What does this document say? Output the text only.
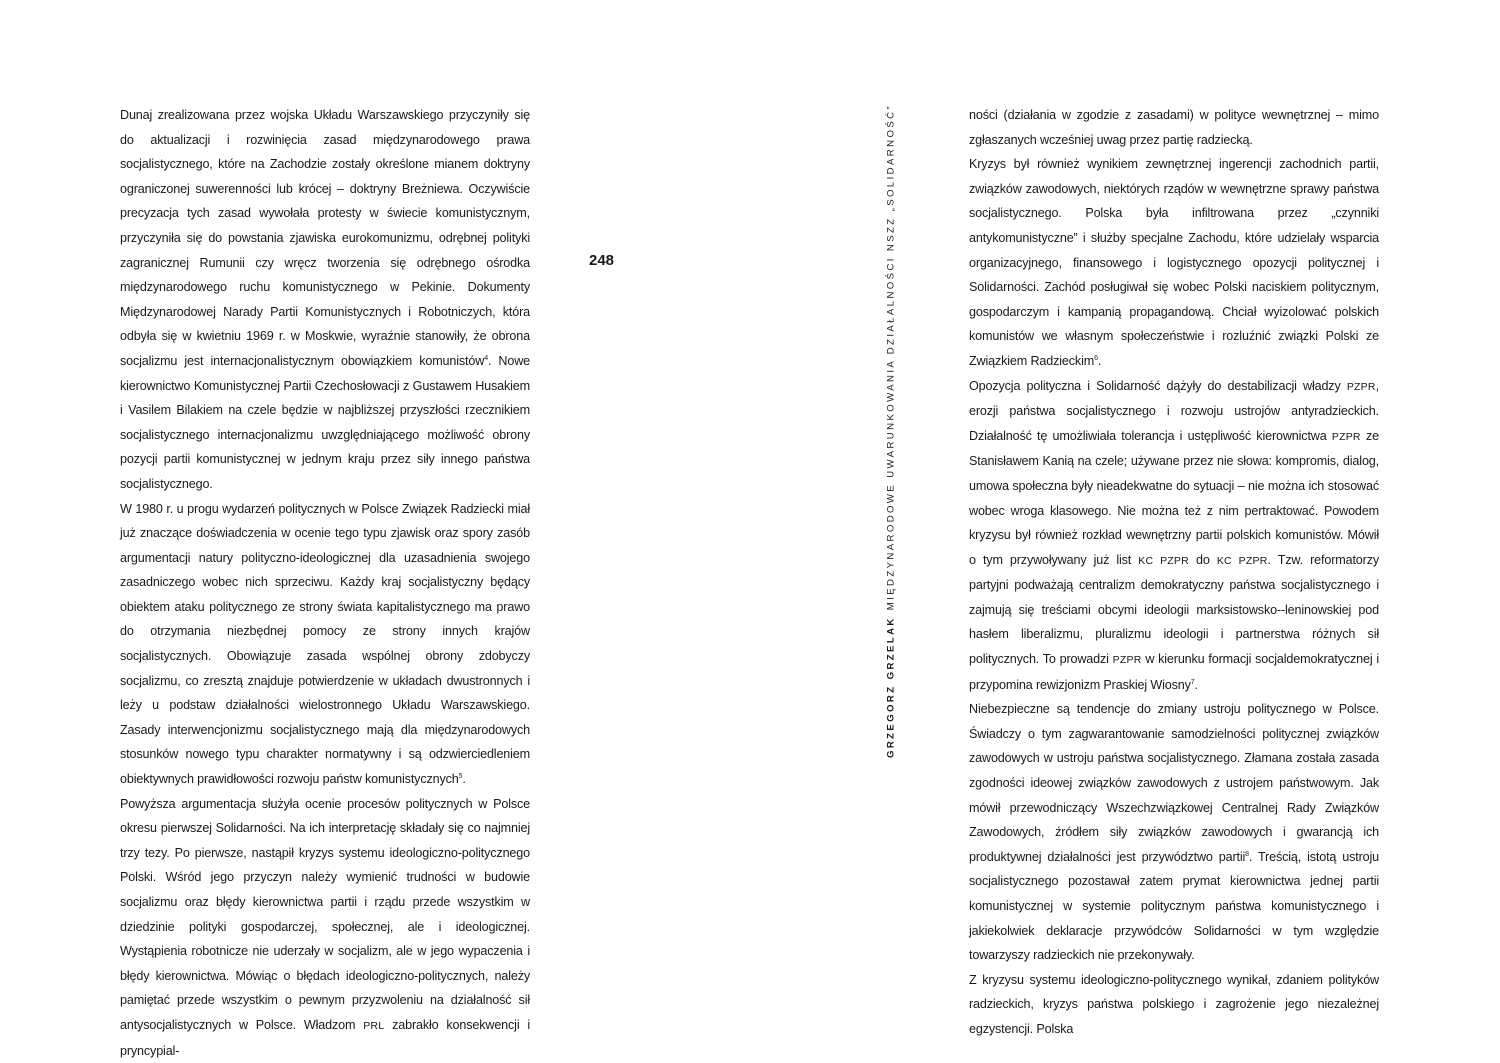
Dunaj zrealizowana przez wojska Układu Warszawskiego przyczyniły się do aktualizacji i rozwinięcia zasad międzynarodowego prawa socjalistycznego, które na Zachodzie zostały określone mianem doktryny ograniczonej suwerenności lub krócej – doktryny Breżniewa. Oczywiście precyzacja tych zasad wywołała protesty w świecie komunistycznym, przyczyniła się do powstania zjawiska eurokomunizmu, odrębnej polityki zagranicznej Rumunii czy wręcz tworzenia się odrębnego ośrodka międzynarodowego ruchu komunistycznego w Pekinie. Dokumenty Międzynarodowej Narady Partii Komunistycznych i Robotniczych, która odbyła się w kwietniu 1969 r. w Moskwie, wyraźnie stanowiły, że obrona socjalizmu jest internacjonalistycznym obowiązkiem komunistów$^4$. Nowe kierownictwo Komunistycznej Partii Czechosłowacji z Gustawem Husakiem i Vasilem Bilakiem na czele będzie w najbliższej przyszłości rzecznikiem socjalistycznego internacjonalizmu uwzględniającego możliwość obrony pozycji partii komunistycznej w jednym kraju przez siły innego państwa socjalistycznego.

W 1980 r. u progu wydarzeń politycznych w Polsce Związek Radziecki miał już znaczące doświadczenia w ocenie tego typu zjawisk oraz spory zasób argumentacji natury polityczno-ideologicznej dla uzasadnienia swojego zasadniczego wobec nich sprzeciwu. Każdy kraj socjalistyczny będący obiektem ataku politycznego ze strony świata kapitalistycznego ma prawo do otrzymania niezbędnej pomocy ze strony innych krajów socjalistycznych. Obowiązuje zasada wspólnej obrony zdobyczy socjalizmu, co zresztą znajduje potwierdzenie w układach dwustronnych i leży u podstaw działalności wielostronnego Układu Warszawskiego. Zasady interwencjonizmu socjalistycznego mają dla międzynarodowych stosunków nowego typu charakter normatywny i są odzwierciedleniem obiektywnych prawidłowości rozwoju państw komunistycznych$^5$.

Powyższa argumentacja służyła ocenie procesów politycznych w Polsce okresu pierwszej Solidarności. Na ich interpretację składały się co najmniej trzy tezy. Po pierwsze, nastąpił kryzys systemu ideologiczno-politycznego Polski. Wśród jego przyczyn należy wymienić trudności w budowie socjalizmu oraz błędy kierownictwa partii i rządu przede wszystkim w dziedzinie polityki gospodarczej, społecznej, ale i ideologicznej. Wystąpienia robotnicze nie uderzały w socjalizm, ale w jego wypaczenia i błędy kierownictwa. Mówiąc o błędach ideologiczno-politycznych, należy pamiętać przede wszystkim o pewnym przyzwoleniu na działalność sił antysocjalistycznych w Polsce. Władzom PRL zabrakło konsekwencji i pryncypial-

248
GRZEGORZ GRZELAKMIĘDZYNARODOWE UWARUNKOWANIA DZIAŁALNOŚCI NSZZ „SOLIDARNOŚĆ”	ności (działania w zgodzie z zasadami) w polityce wewnętrznej – mimo zgłaszanych wcześniej uwag przez partię radziecką.

Kryzys był również wynikiem zewnętrznej ingerencji zachodnich partii, związków zawodowych, niektórych rządów w wewnętrzne sprawy państwa socjalistycznego. Polska była infiltrowana przez „czynniki antykomunistyczne” i służby specjalne Zachodu, które udzielały wsparcia organizacyjnego, finansowego i logistycznego opozycji politycznej i Solidarności. Zachód posługiwał się wobec Polski naciskiem politycznym, gospodarczym i kampanią propagandową. Chciał wyizolować polskich komunistów we własnym społeczeństwie i rozluźnić związki Polski ze Związkiem Radzieckim$^6$.

Opozycja polityczna i Solidarność dążyły do destabilizacji władzy PZPR, erozji państwa socjalistycznego i rozwoju ustrojów antyradzieckich. Działalność tę umożliwiała tolerancja i ustępliwość kierownictwa PZPR ze Stanisławem Kanią na czele; używane przez nie słowa: kompromis, dialog, umowa społeczna były nieadekwatne do sytuacji – nie można ich stosować wobec wroga klasowego. Nie można też z nim pertraktować. Powodem kryzysu był również rozkład wewnętrzny partii polskich komunistów. Mówił o tym przywoływany już list KC PZPR do KC PZPR. Tzw. reformatorzy partyjni podważają centralizm demokratyczny państwa socjalistycznego i zajmują się treściami obcymi ideologii marksistowsko--leninowskiej pod hasłem liberalizmu, pluralizmu ideologii i partnerstwa różnych sił politycznych. To prowadzi PZPR w kierunku formacji socjaldemokratycznej i przypomina rewizjonizm Praskiej Wiosny$^7$.

Niebezpieczne są tendencje do zmiany ustroju politycznego w Polsce. Świadczy o tym zagwarantowanie samodzielności politycznej związków zawodowych w ustroju państwa socjalistycznego. Złamana została zasada zgodności ideowej związków zawodowych z ustrojem państwowym. Jak mówił przewodniczący Wszechzwiązkowej Centralnej Rady Związków Zawodowych, źródłem siły związków zawodowych i gwarancją ich produktywnej działalności jest przywództwo partii$^8$. Treścią, istotą ustroju socjalistycznego pozostawał zatem prymat kierownictwa jednej partii komunistycznej w systemie politycznym państwa komunistycznego i jakiekolwiek deklaracje przywódców Solidarności w tym względzie towarzyszy radzieckich nie przekonywały.

Z kryzysu systemu ideologiczno-politycznego wynikał, zdaniem polityków radzieckich, kryzys państwa polskiego i zagrożenie jego niezależnej egzystencji. Polska
